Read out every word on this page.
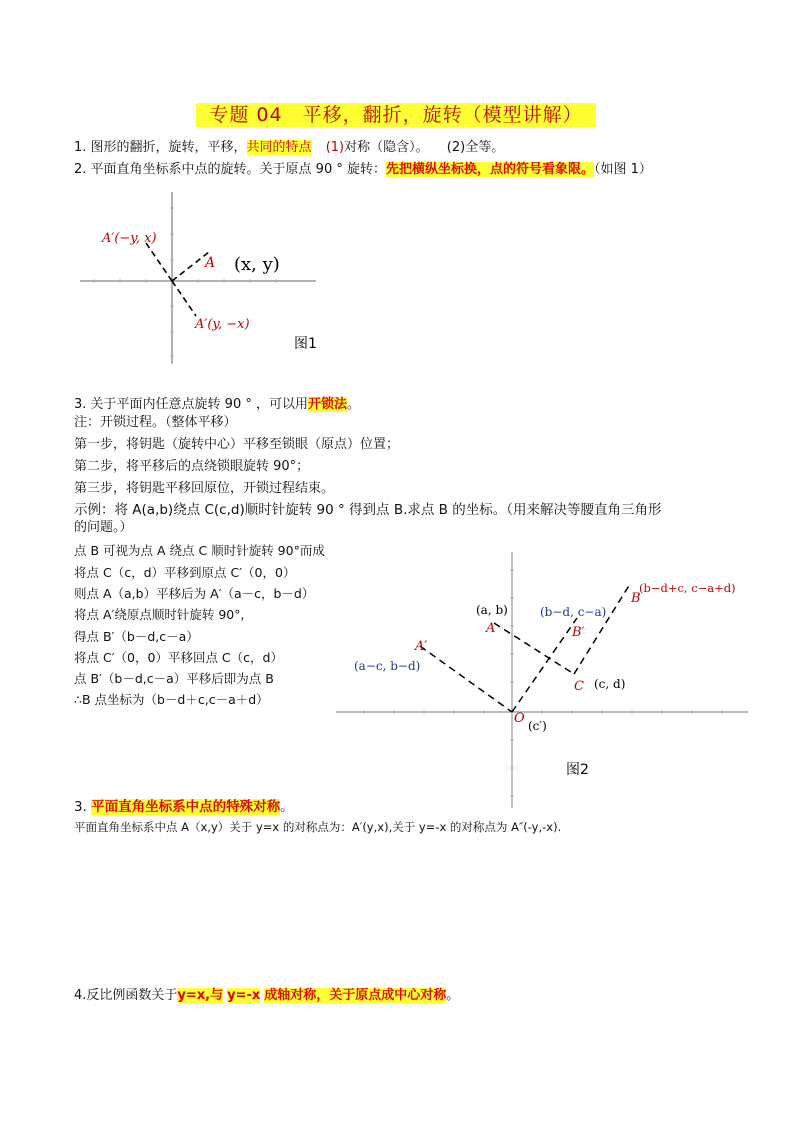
专题 04　平移，翻折，旋转（模型讲解）
1. 图形的翻折，旋转，平移，共同的特点 (1)对称（隐含）。 (2)全等。
2. 平面直角坐标系中点的旋转。关于原点 90 ° 旋转：先把横纵坐标换，点的符号看象限。（如图 1）
A′(−y, x)
A (x, y)
A′(y, −x)
图1
3. 关于平面内任意点旋转 90 ° ，可以用开锁法。
注：开锁过程。（整体平移）
第一步，将钥匙（旋转中心）平移至锁眼（原点）位置；
第二步，将平移后的点绕锁眼旋转 90°；
第三步，将钥匙平移回原位，开锁过程结束。
示例：将 A(a,b)绕点 C(c,d)顺时针旋转 90 ° 得到点 B.求点 B 的坐标。（用来解决等腰直角三角形
的问题。）
点 B 可视为点 A 绕点 C 顺时针旋转 90°而成
将点 C（c，d）平移到原点 C′（0，0）
则点 A（a,b）平移后为 A′（a－c，b－d）
将点 A′绕原点顺时针旋转 90°,
得点 B′（b－d,c－a）
将点 C′（0，0）平移回点 C（c，d）
点 B′（b－d,c－a）平移后即为点 B
∴B 点坐标为（b－d＋c,c－a＋d）
(a, b)
A
(b−d, c−a)
B′
B
(b−d+c, c−a+d)
A′
(a−c, b−d)
C (c, d)
O (c′)
图2
3. 平面直角坐标系中点的特殊对称。
平面直角坐标系中点 A（x,y）关于 y=x 的对称点为：A′(y,x),关于 y=-x 的对称点为 A″(-y,-x).
4.反比例函数关于y=x,与 y=-x 成轴对称，关于原点成中心对称。
